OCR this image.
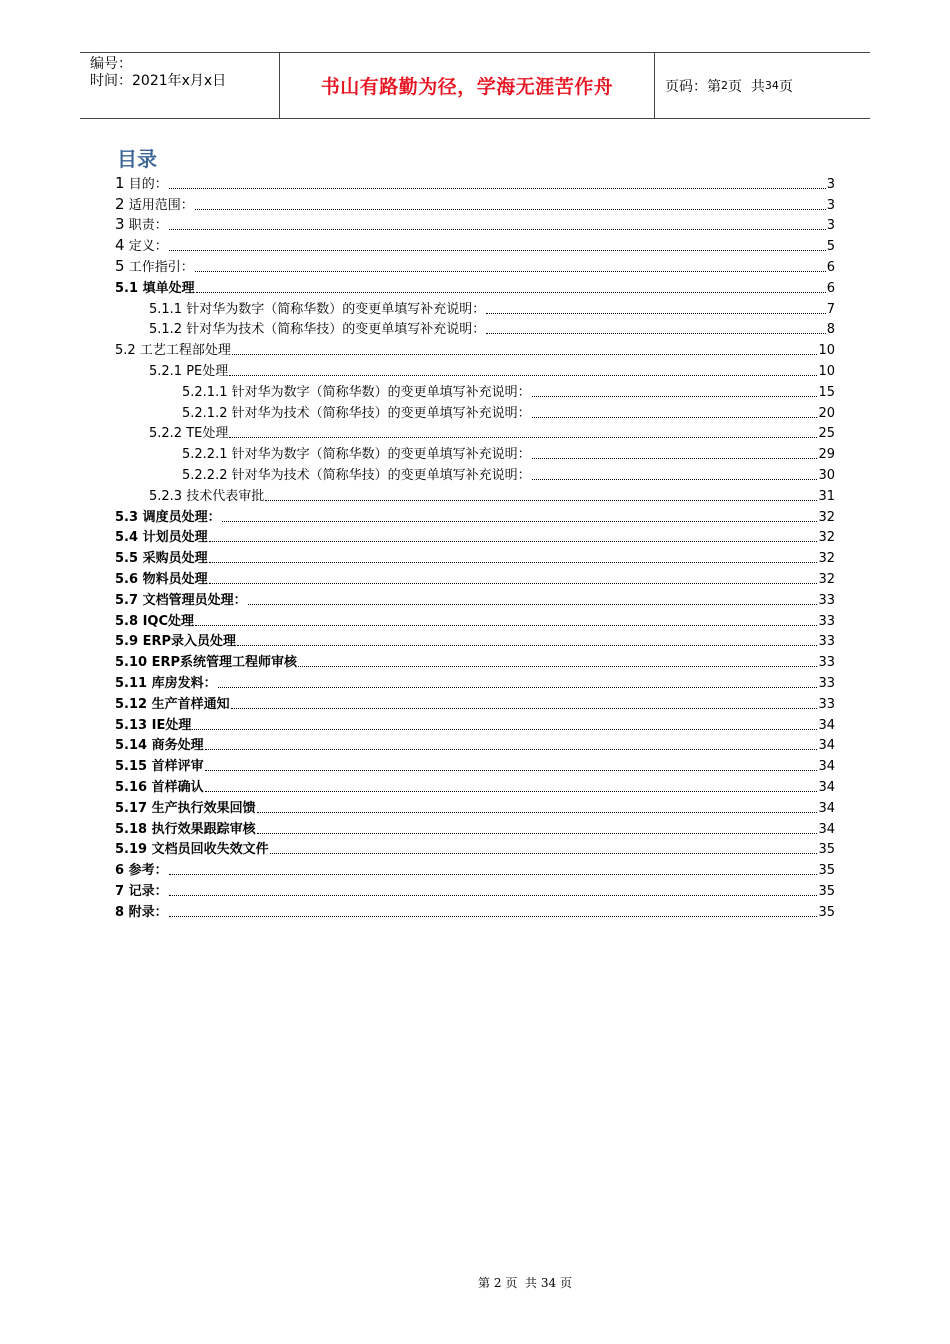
编号：
时间：2021年x月x日	书山有路勤为径，学海无涯苦作舟	页码：第 2 页  共 34 页
目录
1 目的：	3
2 适用范围：	3
3 职责：	3
4 定义：	5
5 工作指引：	6
5.1 填单处理	6
5.1.1 针对华为数字（简称华数）的变更单填写补充说明：	7
5.1.2 针对华为技术（简称华技）的变更单填写补充说明：	8
5.2 工艺工程部处理	10
5.2.1 PE处理	10
5.2.1.1 针对华为数字（简称华数）的变更单填写补充说明：	15
5.2.1.2 针对华为技术（简称华技）的变更单填写补充说明：	20
5.2.2 TE处理	25
5.2.2.1 针对华为数字（简称华数）的变更单填写补充说明：	29
5.2.2.2 针对华为技术（简称华技）的变更单填写补充说明：	30
5.2.3 技术代表审批	31
5.3 调度员处理：	32
5.4 计划员处理	32
5.5 采购员处理	32
5.6 物料员处理	32
5.7 文档管理员处理：	33
5.8 IQC处理	33
5.9 ERP录入员处理	33
5.10 ERP系统管理工程师审核	33
5.11 库房发料：	33
5.12 生产首样通知	33
5.13 IE处理	34
5.14 商务处理	34
5.15 首样评审	34
5.16 首样确认	34
5.17 生产执行效果回馈	34
5.18 执行效果跟踪审核	34
5.19 文档员回收失效文件	35
6 参考：	35
7 记录：	35
8 附录：	35
第 2 页  共 34 页
